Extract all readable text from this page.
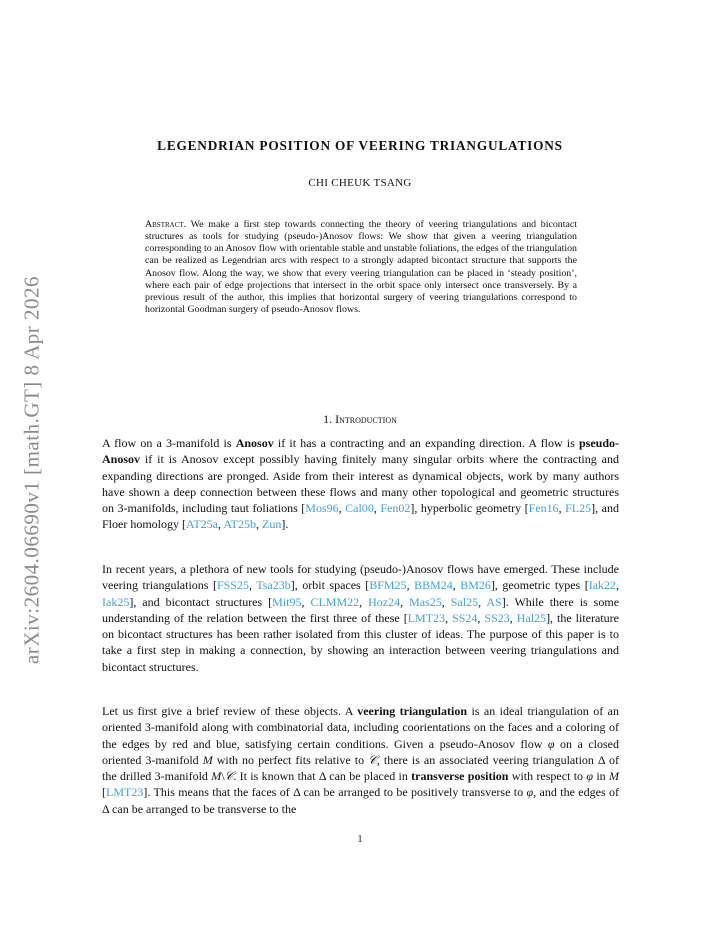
arXiv:2604.06690v1 [math.GT] 8 Apr 2026
LEGENDRIAN POSITION OF VEERING TRIANGULATIONS
CHI CHEUK TSANG
Abstract. We make a first step towards connecting the theory of veering triangulations and bicontact structures as tools for studying (pseudo-)Anosov flows: We show that given a veering triangulation corresponding to an Anosov flow with orientable stable and unstable foliations, the edges of the triangulation can be realized as Legendrian arcs with respect to a strongly adapted bicontact structure that supports the Anosov flow. Along the way, we show that every veering triangulation can be placed in ‘steady position’, where each pair of edge projections that intersect in the orbit space only intersect once transversely. By a previous result of the author, this implies that horizontal surgery of veering triangulations correspond to horizontal Goodman surgery of pseudo-Anosov flows.
1. Introduction

A flow on a 3-manifold is Anosov if it has a contracting and an expanding direction. A flow is pseudo-Anosov if it is Anosov except possibly having finitely many singular orbits where the contracting and expanding directions are pronged. Aside from their interest as dynamical objects, work by many authors have shown a deep connection between these flows and many other topological and geometric structures on 3-manifolds, including taut foliations [Mos96, Cal00, Fen02], hyperbolic geometry [Fen16, FL25], and Floer homology [AT25a, AT25b, Zun].

In recent years, a plethora of new tools for studying (pseudo-)Anosov flows have emerged. These include veering triangulations [FSS25, Tsa23b], orbit spaces [BFM25, BBM24, BM26], geometric types [Iak22, Iak25], and bicontact structures [Mit95, CLMM22, Hoz24, Mas25, Sal25, AS]. While there is some understanding of the relation between the first three of these [LMT23, SS24, SS23, Hal25], the literature on bicontact structures has been rather isolated from this cluster of ideas. The purpose of this paper is to take a first step in making a connection, by showing an interaction between veering triangulations and bicontact structures.

Let us first give a brief review of these objects. A veering triangulation is an ideal triangulation of an oriented 3-manifold along with combinatorial data, including coorientations on the faces and a coloring of the edges by red and blue, satisfying certain conditions. Given a pseudo-Anosov flow φ on a closed oriented 3-manifold M with no perfect fits relative to 𝒞, there is an associated veering triangulation Δ of the drilled 3-manifold M\𝒞. It is known that Δ can be placed in transverse position with respect to φ in M [LMT23]. This means that the faces of Δ can be arranged to be positively transverse to φ, and the edges of Δ can be arranged to be transverse to the

1
